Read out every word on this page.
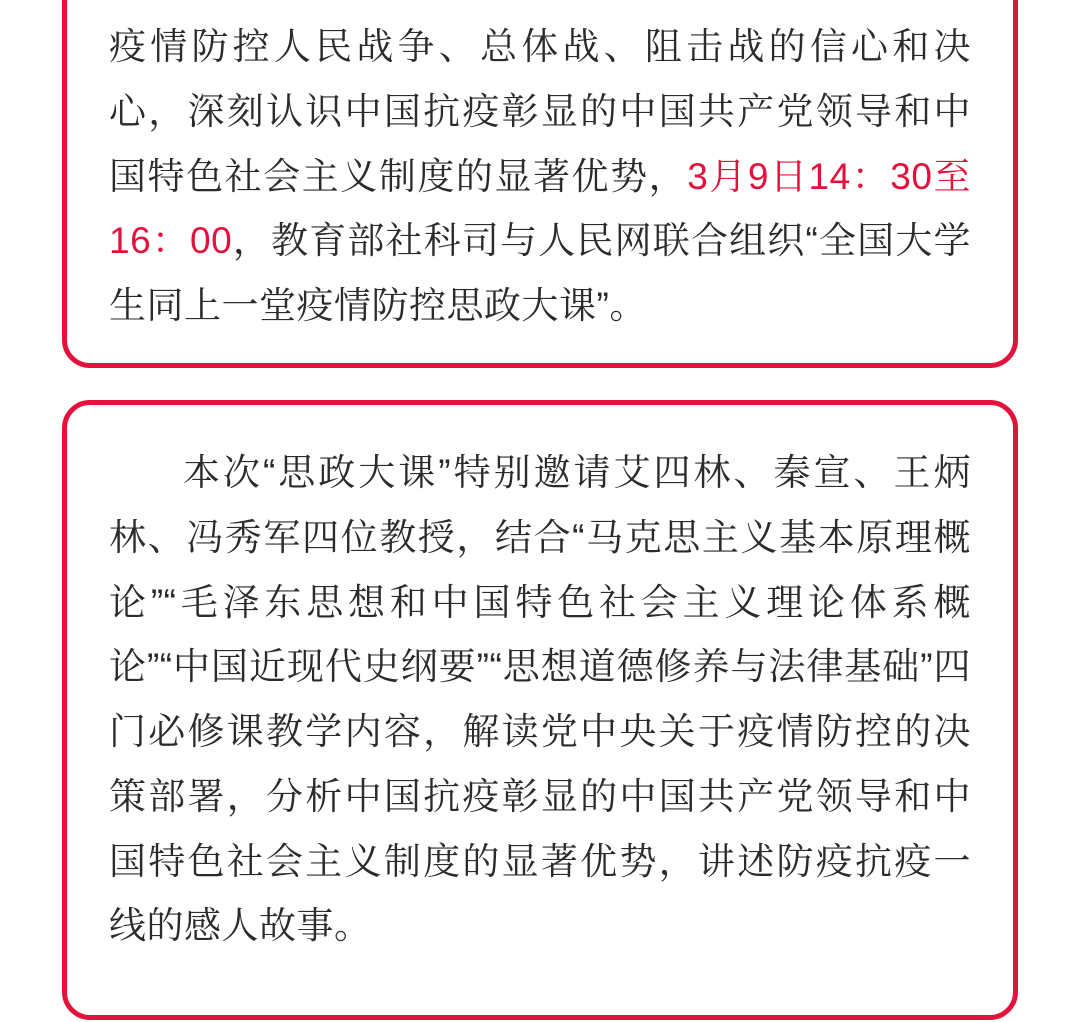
疫情防控人民战争、总体战、阻击战的信心和决心，深刻认识中国抗疫彰显的中国共产党领导和中国特色社会主义制度的显著优势，3月9日14：30至16：00，教育部社科司与人民网联合组织“全国大学生同上一堂疫情防控思政大课”。

本次“思政大课”特别邀请艾四林、秦宣、王炳林、冯秀军四位教授，结合“马克思主义基本原理概论”“毛泽东思想和中国特色社会主义理论体系概论”“中国近现代史纲要”“思想道德修养与法律基础”四门必修课教学内容，解读党中央关于疫情防控的决策部署，分析中国抗疫彰显的中国共产党领导和中国特色社会主义制度的显著优势，讲述防疫抗疫一线的感人故事。
